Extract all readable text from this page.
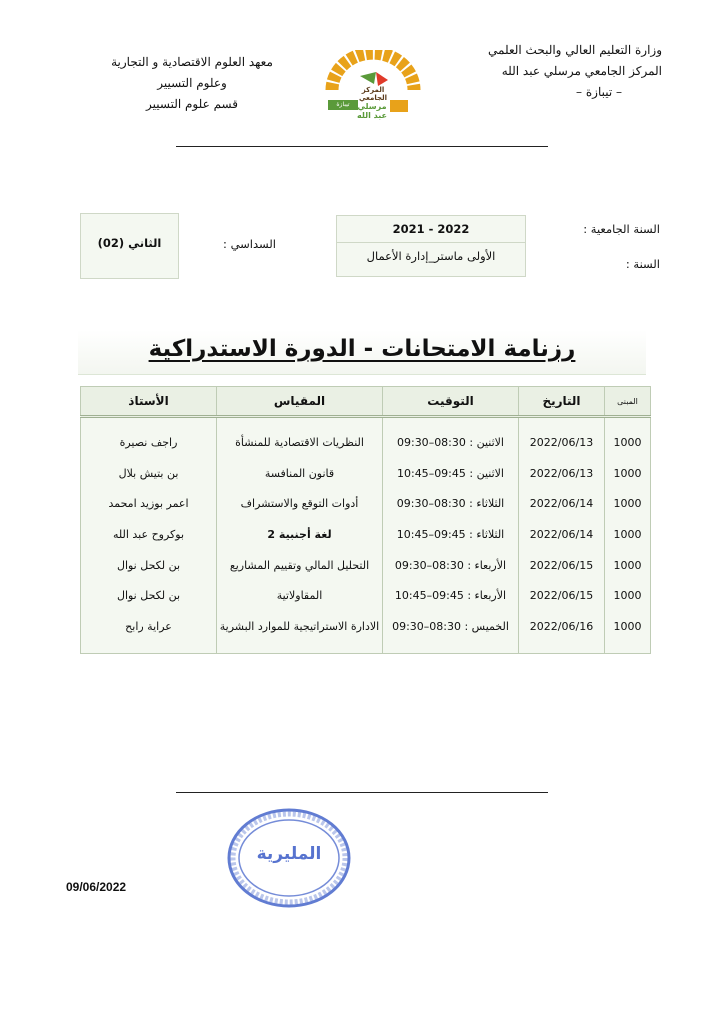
وزارة التعليم العالي والبحث العلمي
المركز الجامعي مرسلي عبد الله
– تيبازة –
المركز الجامعي
مرسلي عبد الله
تيبازة
معهد العلوم الاقتصادية و التجارية
وعلوم التسيير
قسم علوم التسيير
السنة الجامعية :
السنة :
2022 - 2021
الأولى ماستر_إدارة الأعمال
السداسي :
الثاني (02)
رزنامة الامتحانات - الدورة الاستدراكية
المبنى	التاريخ	التوقيت	المقياس	الأستاذ
1000	2022/06/13	الاثنين : 08:30–09:30	النظريات الاقتصادية للمنشأة	راجف نصيرة
1000	2022/06/13	الاثنين : 09:45–10:45	قانون المنافسة	بن بتيش بلال
1000	2022/06/14	الثلاثاء : 08:30–09:30	أدوات التوقع والاستشراف	اعمر بوزيد امحمد
1000	2022/06/14	الثلاثاء : 09:45–10:45	لغة أجنبية 2	بوكروح عبد الله
1000	2022/06/15	الأربعاء : 08:30–09:30	التحليل المالي وتقييم المشاريع	بن لكحل نوال
1000	2022/06/15	الأربعاء : 09:45–10:45	المقاولاتية	بن لكحل نوال
1000	2022/06/16	الخميس : 08:30–09:30	الادارة الاستراتيجية للموارد البشرية	عراية رابح
المليرية
09/06/2022
